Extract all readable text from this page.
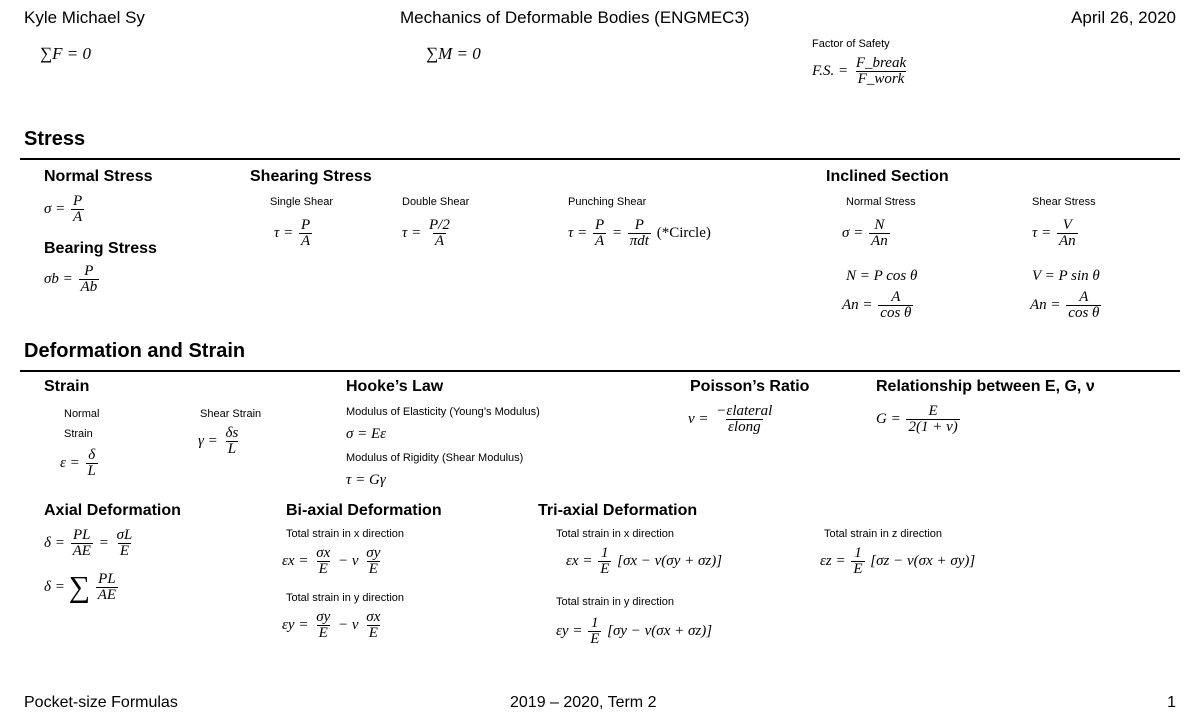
Kyle Michael Sy	Mechanics of Deformable Bodies (ENGMEC3)	April 26, 2020
∑F = 0	∑M = 0	Factor of Safety
F.S. = $\frac{\text{F\_break}}{\text{F\_work}}$
Stress
Normal Stress
$\sigma = \frac{P}{A}$
Bearing Stress
$\sigma b = \frac{P}{Ab}$
Shearing Stress
Single Shear
$\tau = \frac{P}{A}$
Double Shear
$\tau = \frac{P/2}{A}$
Punching Shear
$\tau = \frac{P}{A} = \frac{P}{\text{πdt}}$ (*Circle)
Inclined Section
Normal Stress
$\sigma = \frac{N}{An}$
N = P cos θ
$An = \frac{A}{\text{cos θ}}$
Shear Stress
$\tau = \frac{V}{An}$
V = P sin θ
$An = \frac{A}{\text{cos θ}}$
Deformation and Strain
Strain
Normal
Strain
$\varepsilon = \frac{\delta}{L}$
Shear Strain
$\gamma = \frac{\delta s}{L}$
Hooke’s Law
Modulus of Elasticity (Young’s Modulus)
σ = Eε
Modulus of Rigidity (Shear Modulus)
τ = Gγ
Poisson’s Ratio
$\nu = \frac{\text{−εlateral}}{\text{εlong}}$
Relationship between E, G, ν
$G = \frac{E}{2(1 + \nu)}$
Axial Deformation
$\delta = \frac{PL}{AE} = \frac{\sigma L}{E}$
δ = ∑ $\frac{PL}{AE}$
Bi-axial Deformation
Total strain in x direction
$\varepsilon x = \frac{\sigma x}{E} - \nu \frac{\sigma y}{E}$
Total strain in y direction
$\varepsilon y = \frac{\sigma y}{E} - \nu \frac{\sigma x}{E}$
Tri-axial Deformation
Total strain in x direction
$\varepsilon x = \frac{1}{E} [\sigma x - \nu(\sigma y + \sigma z)]$
Total strain in y direction
$\varepsilon y = \frac{1}{E} [\sigma y - \nu(\sigma x + \sigma z)]$
Total strain in z direction
$\varepsilon z = \frac{1}{E} [\sigma z - \nu(\sigma x + \sigma y)]$
Pocket-size Formulas	2019 – 2020, Term 2	1
